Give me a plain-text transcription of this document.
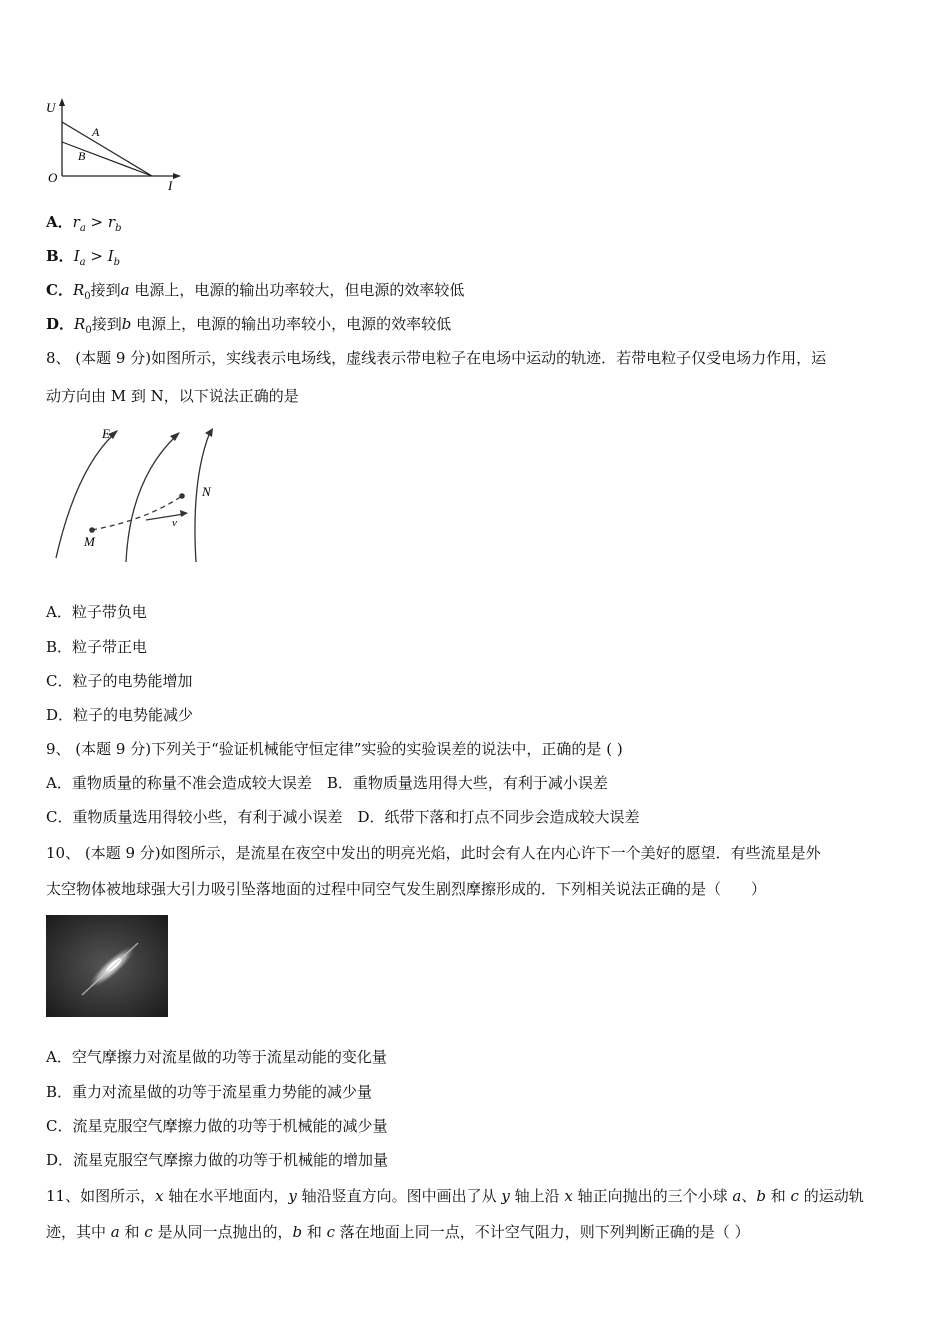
U
O
I
A
B
A．$r_a > r_b$
B．$I_a > I_b$
C．$R_0$接到a 电源上，电源的输出功率较大，但电源的效率较低
D．$R_0$接到b 电源上，电源的输出功率较小，电源的效率较低
8、 (本题 9 分)如图所示，实线表示电场线，虚线表示带电粒子在电场中运动的轨迹．若带电粒子仅受电场力作用，运
动方向由 M 到 N，以下说法正确的是
E
N
M
v
A．粒子带负电
B．粒子带正电
C．粒子的电势能增加
D．粒子的电势能减少
9、 (本题 9 分)下列关于“验证机械能守恒定律”实验的实验误差的说法中，正确的是 ( )
A．重物质量的称量不准会造成较大误差　B．重物质量选用得大些，有利于减小误差
C．重物质量选用得较小些，有利于减小误差　D．纸带下落和打点不同步会造成较大误差
10、 (本题 9 分)如图所示，是流星在夜空中发出的明亮光焰，此时会有人在内心许下一个美好的愿望．有些流星是外
太空物体被地球强大引力吸引坠落地面的过程中同空气发生剧烈摩擦形成的．下列相关说法正确的是（　　）
A．空气摩擦力对流星做的功等于流星动能的变化量
B．重力对流星做的功等于流星重力势能的减少量
C．流星克服空气摩擦力做的功等于机械能的减少量
D．流星克服空气摩擦力做的功等于机械能的增加量
11、如图所示，x 轴在水平地面内，y 轴沿竖直方向。图中画出了从 y 轴上沿 x 轴正向抛出的三个小球 a、b 和 c 的运动轨
迹，其中 a 和 c 是从同一点抛出的，b 和 c 落在地面上同一点，不计空气阻力，则下列判断正确的是（ ）
